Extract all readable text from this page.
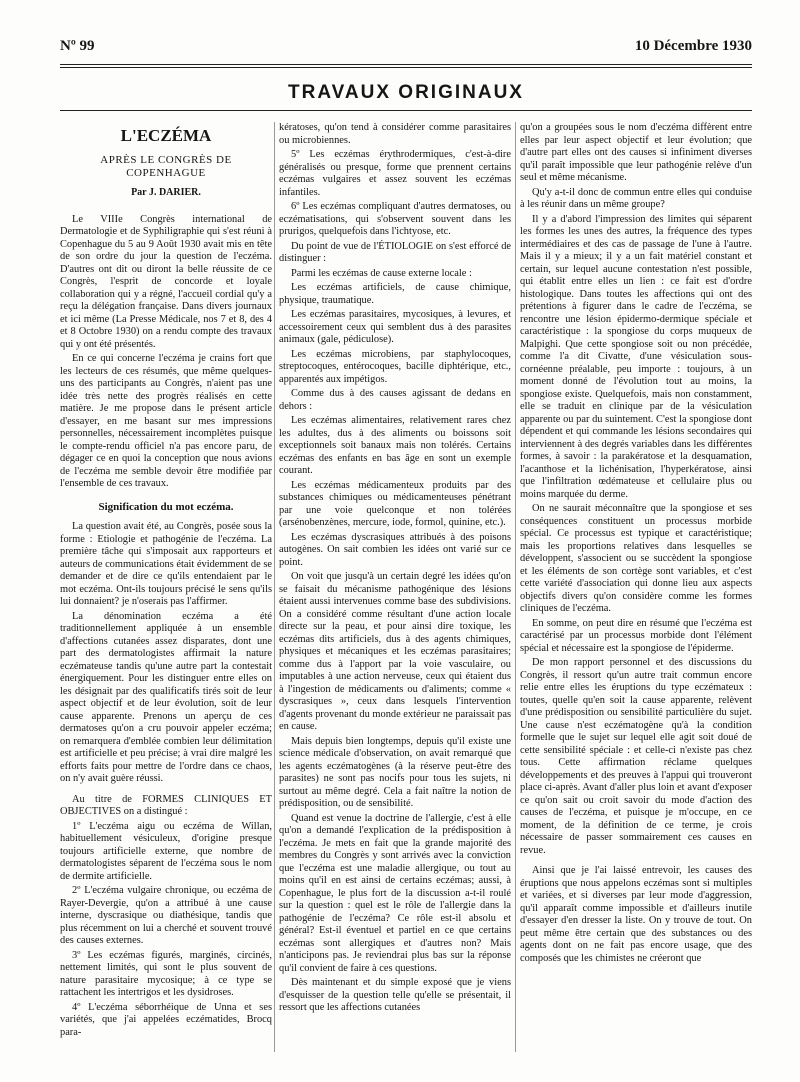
Nº 99	10 Décembre 1930
TRAVAUX ORIGINAUX
L'ECZÉMA
APRÈS LE CONGRÈS DE COPENHAGUE
Par J. DARIER.

Le VIIIe Congrès international de Dermatologie et de Syphiligraphie qui s'est réuni à Copenhague du 5 au 9 Août 1930 avait mis en tête de son ordre du jour la question de l'eczéma. D'autres ont dit ou diront la belle réussite de ce Congrès, l'esprit de concorde et loyale collaboration qui y a régné, l'accueil cordial qu'y a reçu la délégation française. Dans divers journaux et ici même (La Presse Médicale, nos 7 et 8, des 4 et 8 Octobre 1930) on a rendu compte des travaux qui y ont été présentés.

En ce qui concerne l'eczéma je crains fort que les lecteurs de ces résumés, que même quelques-uns des participants au Congrès, n'aient pas une idée très nette des progrès réalisés en cette matière. Je me propose dans le présent article d'essayer, en me basant sur mes impressions personnelles, nécessairement incomplètes puisque le compte-rendu officiel n'a pas encore paru, de dégager ce en quoi la conception que nous avions de l'eczéma me semble devoir être modifiée par l'ensemble de ces travaux.

Signification du mot eczéma.

La question avait été, au Congrès, posée sous la forme : Etiologie et pathogénie de l'eczéma. La première tâche qui s'imposait aux rapporteurs et auteurs de communications était évidemment de se demander et de dire ce qu'ils entendaient par le mot eczéma. Ont-ils toujours précisé le sens qu'ils lui donnaient? je n'oserais pas l'affirmer.

La dénomination eczéma a été traditionnellement appliquée à un ensemble d'affections cutanées assez disparates, dont une part des dermatologistes affirmait la nature eczémateuse tandis qu'une autre part la contestait énergiquement. Pour les distinguer entre elles on les désignait par des qualificatifs tirés soit de leur aspect objectif et de leur évolution, soit de leur cause apparente. Prenons un aperçu de ces dermatoses qu'on a cru pouvoir appeler eczéma; on remarquera d'emblée combien leur délimitation est artificielle et peu précise; à vrai dire malgré les efforts faits pour mettre de l'ordre dans ce chaos, on n'y avait guère réussi.

Au titre de FORMES CLINIQUES ET OBJECTIVES on a distingué :

1º L'eczéma aigu ou eczéma de Willan, habituellement vésiculeux, d'origine presque toujours artificielle externe, que nombre de dermatologistes séparent de l'eczéma sous le nom de dermite artificielle.

2º L'eczéma vulgaire chronique, ou eczéma de Rayer-Devergie, qu'on a attribué à une cause interne, dyscrasique ou diathésique, tandis que plus récemment on lui a cherché et souvent trouvé des causes externes.

3º Les eczémas figurés, marginés, circinés, nettement limités, qui sont le plus souvent de nature parasitaire mycosique; à ce type se rattachent les intertrigos et les dysidroses.

4º L'eczéma séborrhéique de Unna et ses variétés, que j'ai appelées eczématides, Brocq para-

kératoses, qu'on tend à considérer comme parasitaires ou microbiennes.

5º Les eczémas érythrodermiques, c'est-à-dire généralisés ou presque, forme que prennent certains eczémas vulgaires et assez souvent les eczémas infantiles.

6º Les eczémas compliquant d'autres dermatoses, ou eczématisations, qui s'observent souvent dans les prurigos, quelquefois dans l'ichtyose, etc.

Du point de vue de l'ÉTIOLOGIE on s'est efforcé de distinguer :

Parmi les eczémas de cause externe locale :

Les eczémas artificiels, de cause chimique, physique, traumatique.

Les eczémas parasitaires, mycosiques, à levures, et accessoirement ceux qui semblent dus à des parasites animaux (gale, pédiculose).

Les eczémas microbiens, par staphylocoques, streptocoques, entérocoques, bacille diphtérique, etc., apparentés aux impétigos.

Comme dus à des causes agissant de dedans en dehors :

Les eczémas alimentaires, relativement rares chez les adultes, dus à des aliments ou boissons soit exceptionnels soit banaux mais non tolérés. Certains eczémas des enfants en bas âge en sont un exemple courant.

Les eczémas médicamenteux produits par des substances chimiques ou médicamenteuses pénétrant par une voie quelconque et non tolérées (arsénobenzènes, mercure, iode, formol, quinine, etc.).

Les eczémas dyscrasiques attribués à des poisons autogènes. On sait combien les idées ont varié sur ce point.

On voit que jusqu'à un certain degré les idées qu'on se faisait du mécanisme pathogénique des lésions étaient aussi intervenues comme base des subdivisions. On a considéré comme résultant d'une action locale directe sur la peau, et pour ainsi dire toxique, les eczémas dits artificiels, dus à des agents chimiques, physiques et mécaniques et les eczémas parasitaires; comme dus à l'apport par la voie vasculaire, ou imputables à une action nerveuse, ceux qui étaient dus à l'ingestion de médicaments ou d'aliments; comme « dyscrasiques », ceux dans lesquels l'intervention d'agents provenant du monde extérieur ne paraissait pas en cause.

Mais depuis bien longtemps, depuis qu'il existe une science médicale d'observation, on avait remarqué que les agents eczématogènes (à la réserve peut-être des parasites) ne sont pas nocifs pour tous les sujets, ni surtout au même degré. Cela a fait naître la notion de prédisposition, ou de sensibilité.

Quand est venue la doctrine de l'allergie, c'est à elle qu'on a demandé l'explication de la prédisposition à l'eczéma. Je mets en fait que la grande majorité des membres du Congrès y sont arrivés avec la conviction que l'eczéma est une maladie allergique, ou tout au moins qu'il en est ainsi de certains eczémas; aussi, à Copenhague, le plus fort de la discussion a-t-il roulé sur la question : quel est le rôle de l'allergie dans la pathogénie de l'eczéma? Ce rôle est-il absolu et général? Est-il éventuel et partiel en ce que certains eczémas sont allergiques et d'autres non? Mais n'anticipons pas. Je reviendrai plus bas sur la réponse qu'il convient de faire à ces questions.

Dès maintenant et du simple exposé que je viens d'esquisser de la question telle qu'elle se présentait, il ressort que les affections cutanées

qu'on a groupées sous le nom d'eczéma diffèrent entre elles par leur aspect objectif et leur évolution; que d'autre part elles ont des causes si infiniment diverses qu'il paraît impossible que leur pathogénie relève d'un seul et même mécanisme.

Qu'y a-t-il donc de commun entre elles qui conduise à les réunir dans un même groupe?

Il y a d'abord l'impression des limites qui séparent les formes les unes des autres, la fréquence des types intermédiaires et des cas de passage de l'une à l'autre. Mais il y a mieux; il y a un fait matériel constant et certain, sur lequel aucune contestation n'est possible, qui établit entre elles un lien : ce fait est d'ordre histologique. Dans toutes les affections qui ont des prétentions à figurer dans le cadre de l'eczéma, se rencontre une lésion épidermo-dermique spéciale et caractéristique : la spongiose du corps muqueux de Malpighi. Que cette spongiose soit ou non précédée, comme l'a dit Civatte, d'une vésiculation sous-cornéenne préalable, peu importe : toujours, à un moment donné de l'évolution tout au moins, la spongiose existe. Quelquefois, mais non constamment, elle se traduit en clinique par de la vésiculation apparente ou par du suintement. C'est la spongiose dont dépendent et qui commande les lésions secondaires qui interviennent à des degrés variables dans les différentes formes, à savoir : la parakératose et la desquamation, l'acanthose et la lichénisation, l'hyperkératose, ainsi que l'infiltration œdémateuse et cellulaire plus ou moins marquée du derme.

On ne saurait méconnaître que la spongiose et ses conséquences constituent un processus morbide spécial. Ce processus est typique et caractéristique; mais les proportions relatives dans lesquelles se développent, s'associent ou se succèdent la spongiose et les éléments de son cortège sont variables, et c'est cette variété d'association qui donne lieu aux aspects objectifs divers qu'on considère comme les formes cliniques de l'eczéma.

En somme, on peut dire en résumé que l'eczéma est caractérisé par un processus morbide dont l'élément spécial et nécessaire est la spongiose de l'épiderme.

De mon rapport personnel et des discussions du Congrès, il ressort qu'un autre trait commun encore relie entre elles les éruptions du type eczémateux : toutes, quelle qu'en soit la cause apparente, relèvent d'une prédisposition ou sensibilité particulière du sujet. Une cause n'est eczématogène qu'à la condition formelle que le sujet sur lequel elle agit soit doué de cette sensibilité spéciale : et celle-ci n'existe pas chez tous. Cette affirmation réclame quelques développements et des preuves à l'appui qui trouveront place ci-après. Avant d'aller plus loin et avant d'exposer ce qu'on sait ou croit savoir du mode d'action des causes de l'eczéma, et puisque je m'occupe, en ce moment, de la définition de ce terme, je crois nécessaire de passer sommairement ces causes en revue.

Ainsi que je l'ai laissé entrevoir, les causes des éruptions que nous appelons eczémas sont si multiples et variées, et si diverses par leur mode d'aggression, qu'il apparaît comme impossible et d'ailleurs inutile d'essayer d'en dresser la liste. On y trouve de tout. On peut même être certain que des substances ou des agents dont on ne fait pas encore usage, que des composés que les chimistes ne créeront que
